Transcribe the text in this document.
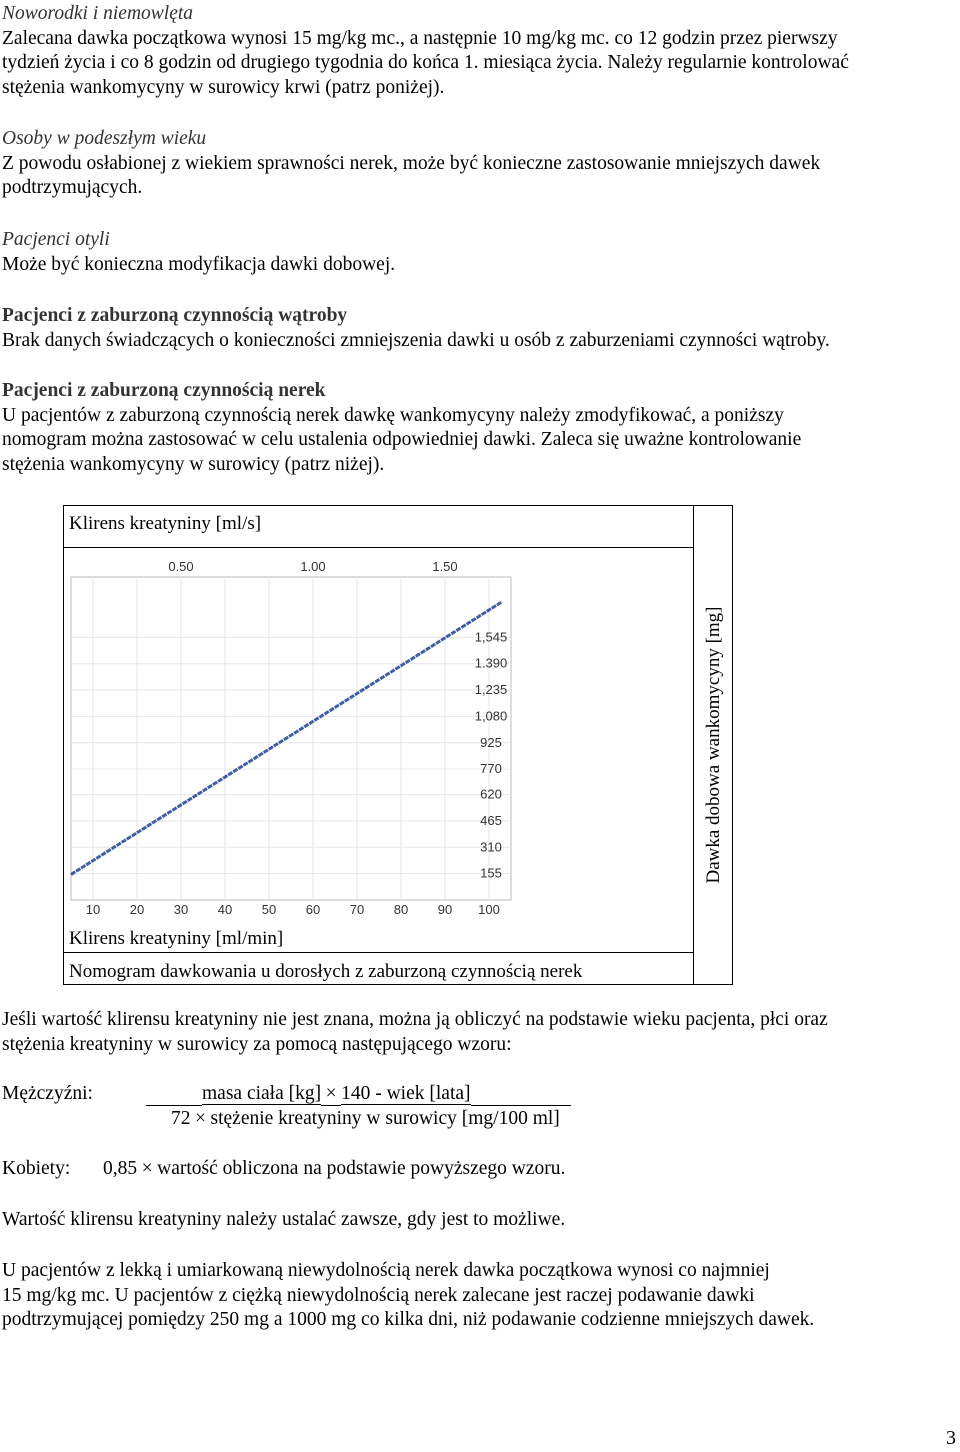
Noworodki i niemowlęta

Zalecana dawka początkowa wynosi 15 mg/kg mc., a następnie 10 mg/kg mc. co 12 godzin przez pierwszy

tydzień życia i co 8 godzin od drugiego tygodnia do końca 1. miesiąca życia. Należy regularnie kontrolować

stężenia wankomycyny w surowicy krwi (patrz poniżej).

Osoby w podeszłym wieku

Z powodu osłabionej z wiekiem sprawności nerek, może być konieczne zastosowanie mniejszych dawek

podtrzymujących.

Pacjenci otyli

Może być konieczna modyfikacja dawki dobowej.

Pacjenci z zaburzoną czynnością wątroby

Brak danych świadczących o konieczności zmniejszenia dawki u osób z zaburzeniami czynności wątroby.

Pacjenci z zaburzoną czynnością nerek

U pacjentów z zaburzoną czynnością nerek dawkę wankomycyny należy zmodyfikować, a poniższy

nomogram można zastosować w celu ustalenia odpowiedniej dawki. Zaleca się uważne kontrolowanie

stężenia wankomycyny w surowicy (patrz niżej).

Klirens kreatyniny [ml/s]
Klirens kreatyniny [ml/min]
Nomogram dawkowania u dorosłych z zaburzoną czynnością nerek
Dawka dobowa wankomycyny [mg]
10 20 30 40 50 60 70 80 90 100
0.50	1.00	1.50
1,545
1.390
1,235
1,080
925
770
620
465
310
155

Jeśli wartość klirensu kreatyniny nie jest znana, można ją obliczyć na podstawie wieku pacjenta, płci oraz

stężenia kreatyniny w surowicy za pomocą następującego wzoru:

Mężczyźni:	masa ciała [kg] × 140 - wiek [lata]
72 × stężenie kreatyniny w surowicy [mg/100 ml]
Kobiety: 0,85 × wartość obliczona na podstawie powyższego wzoru.

Wartość klirensu kreatyniny należy ustalać zawsze, gdy jest to możliwe.

U pacjentów z lekką i umiarkowaną niewydolnością nerek dawka początkowa wynosi co najmniej

15 mg/kg mc. U pacjentów z ciężką niewydolnością nerek zalecane jest raczej podawanie dawki

podtrzymującej pomiędzy 250 mg a 1000 mg co kilka dni, niż podawanie codzienne mniejszych dawek.

3
